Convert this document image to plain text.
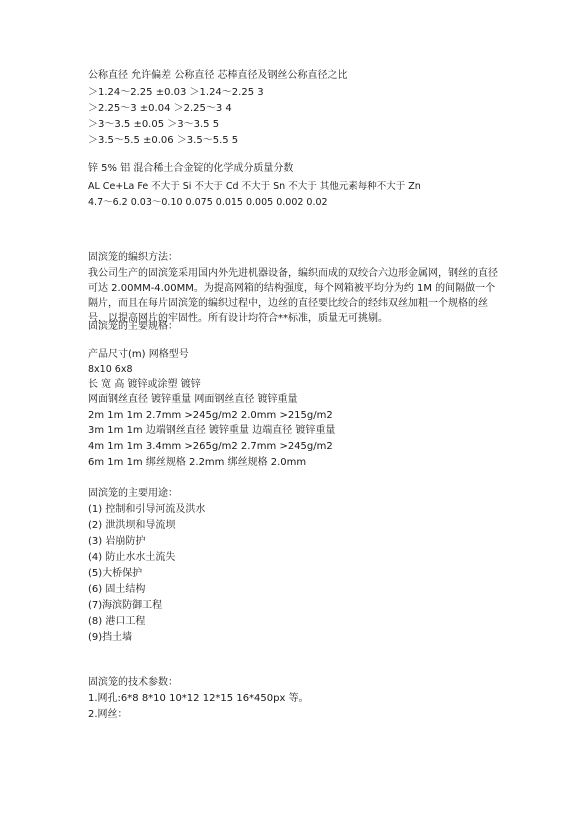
公称直径 允许偏差 公称直径 芯棒直径及钢丝公称直径之比
＞1.24～2.25 ±0.03 ＞1.24～2.25 3
＞2.25～3 ±0.04 ＞2.25～3 4
＞3～3.5 ±0.05 ＞3～3.5 5
＞3.5～5.5 ±0.06 ＞3.5～5.5 5
锌 5% 铝 混合稀土合金锭的化学成分质量分数
AL Ce+La Fe 不大于 Si 不大于 Cd 不大于 Sn 不大于 其他元素每种不大于 Zn
4.7～6.2 0.03～0.10 0.075 0.015 0.005 0.002 0.02
固滨笼的编织方法：
我公司生产的固滨笼采用国内外先进机器设备，编织而成的双绞合六边形金属网，钢丝的直径可达 2.00MM-4.00MM。为提高网箱的结构强度，每个网箱被平均分为约 1M 的间隔做一个隔片，而且在每片固滨笼的编织过程中，边丝的直径要比绞合的经纬双丝加粗一个规格的丝号，以提高网片的牢固性。所有设计均符合**标准，质量无可挑剔。
固滨笼的主要规格：
产品尺寸(m) 网格型号
8x10 6x8
长 宽 高 镀锌或涂塑 镀锌
网面钢丝直径 镀锌重量 网面钢丝直径 镀锌重量
2m 1m 1m 2.7mm >245g/m2 2.0mm >215g/m2
3m 1m 1m 边端钢丝直径 镀锌重量 边端直径 镀锌重量
4m 1m 1m 3.4mm >265g/m2 2.7mm >245g/m2
6m 1m 1m 绑丝规格 2.2mm 绑丝规格 2.0mm
固滨笼的主要用途：
(1) 控制和引导河流及洪水
(2) 泄洪坝和导流坝
(3) 岩崩防护
(4) 防止水水土流失
(5)大桥保护
(6) 固土结构
(7)海滨防御工程
(8) 港口工程
(9)挡土墙
固滨笼的技术参数：
1.网孔:6*8 8*10 10*12 12*15 16*450px 等。
2.网丝：
